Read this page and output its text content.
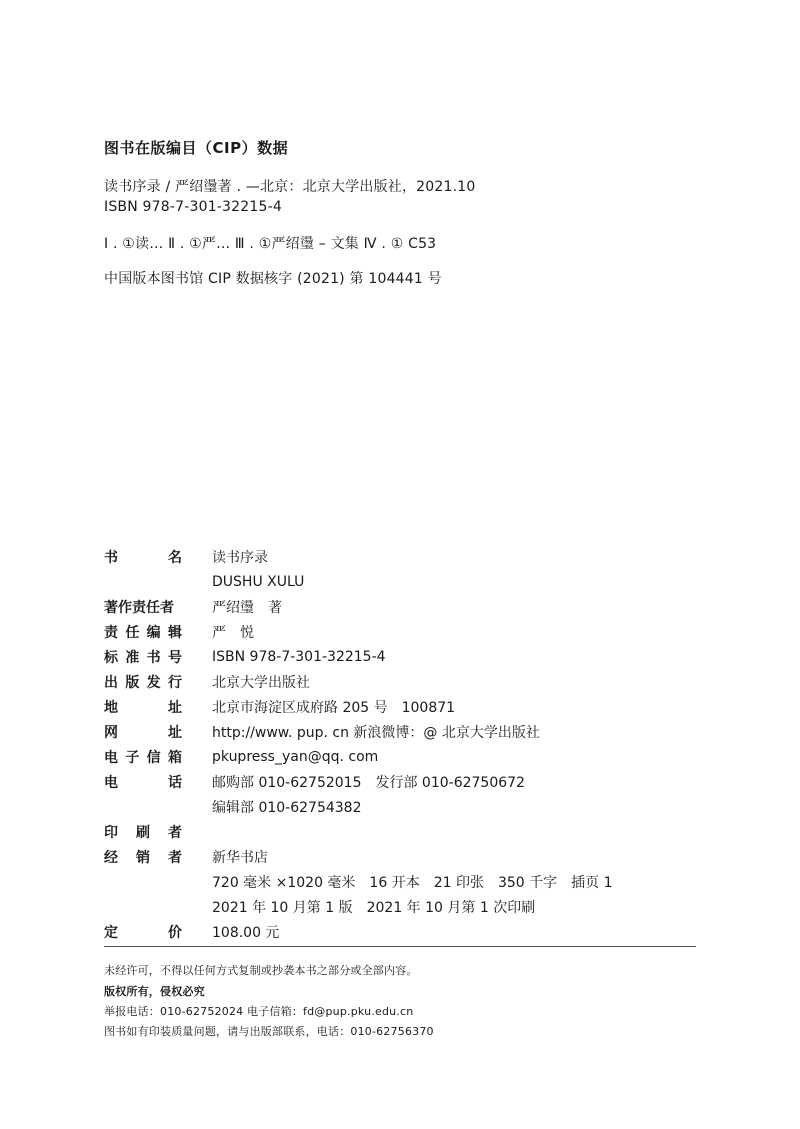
图书在版编目（CIP）数据
读书序录 / 严绍璗著 . —北京：北京大学出版社，2021.10
ISBN 978-7-301-32215-4
Ⅰ . ①读… Ⅱ . ①严… Ⅲ . ①严绍璗 – 文集 Ⅳ . ① C53
中国版本图书馆 CIP 数据核字 (2021) 第 104441 号
书	名 读书序录
DUSHU XULU
著作责任者	严绍璗　著
责 任 编 辑 严　悦
标 准 书 号 ISBN 978-7-301-32215-4
出 版 发 行 北京大学出版社
地	址 北京市海淀区成府路 205 号　100871
网	址 http://www. pup. cn 新浪微博：@ 北京大学出版社
电 子 信 箱 pkupress_yan@qq. com
电	话 邮购部 010-62752015　发行部 010-62750672
编辑部 010-62754382
印 刷 者
经 销 者 新华书店
720 毫米 ×1020 毫米　16 开本　21 印张　350 千字　插页 1
2021 年 10 月第 1 版　2021 年 10 月第 1 次印刷
定	价 108.00 元
未经许可，不得以任何方式复制或抄袭本书之部分或全部内容。
版权所有，侵权必究
举报电话：010-62752024 电子信箱：fd@pup.pku.edu.cn
图书如有印装质量问题，请与出版部联系，电话：010-62756370
